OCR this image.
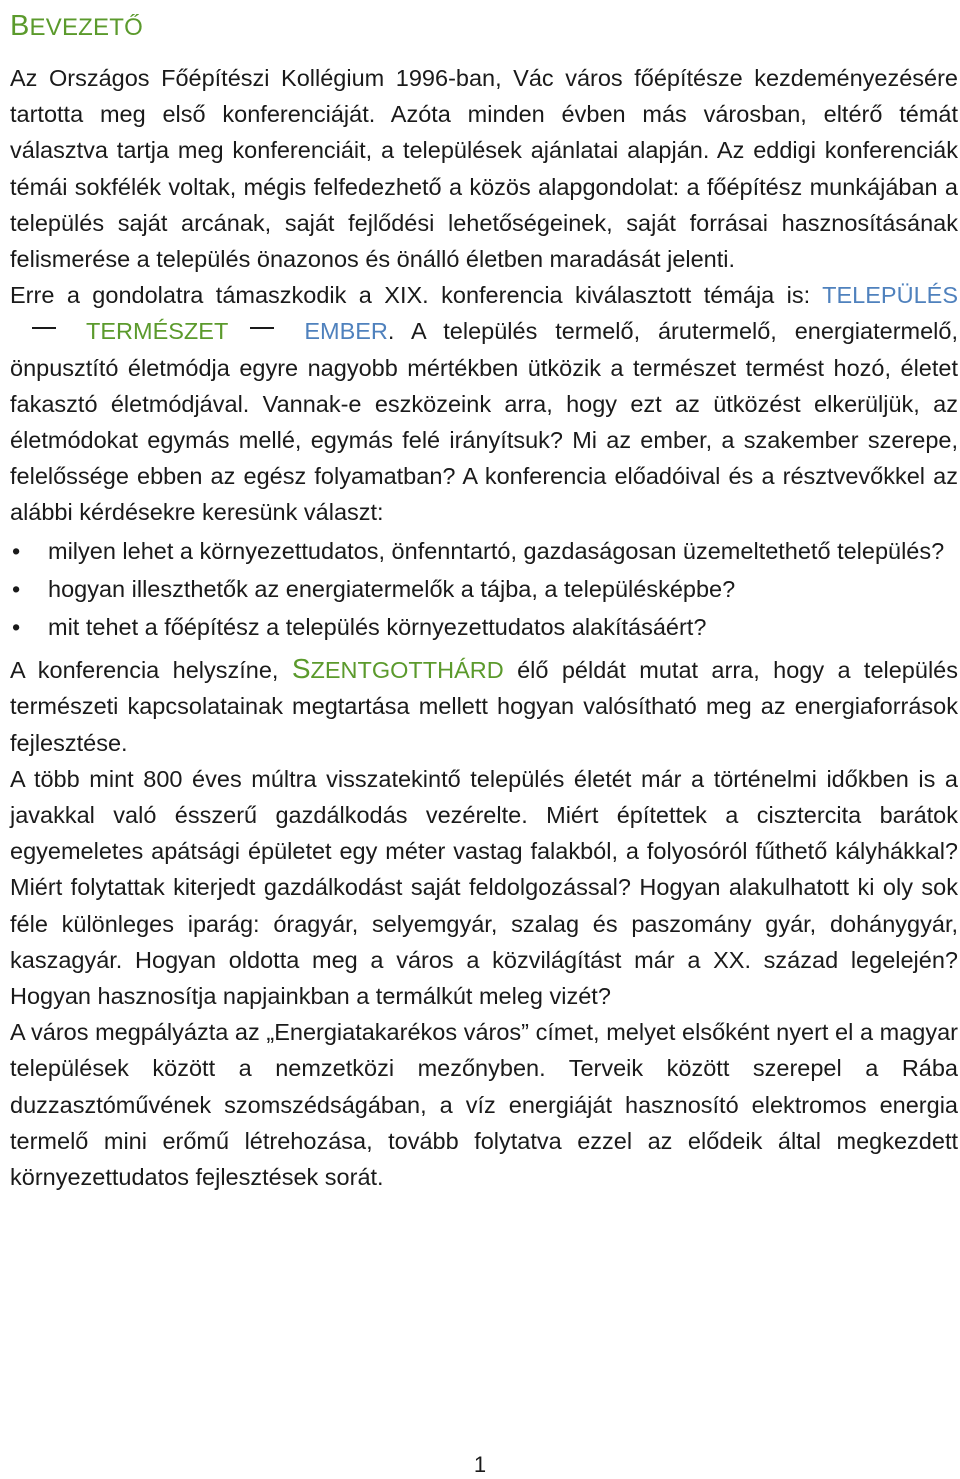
BEVEZETŐ

Az Országos Főépítészi Kollégium 1996-ban, Vác város főépítésze kezdeményezésére tartotta meg első konferenciáját. Azóta minden évben más városban, eltérő témát választva tartja meg konferenciáit, a települések ajánlatai alapján. Az eddigi konferenciák témái sokfélék voltak, mégis felfedezhető a közös alapgondolat: a főépítész munkájában a település saját arcának, saját fejlődési lehetőségeinek, saját forrásai hasznosításának felismerése a település önazonos és önálló életben maradását jelenti.

Erre a gondolatra támaszkodik a XIX. konferencia kiválasztott témája is: TELEPÜLÉSTERMÉSZET	EMBER. A település termelő, árutermelő, energiatermelő, önpusztító életmódja egyre nagyobb mértékben ütközik a természet termést hozó, életet fakasztó életmódjával. Vannak-e eszközeink arra, hogy ezt az ütközést elkerüljük, az életmódokat egymás mellé, egymás felé irányítsuk? Mi az ember, a szakember szerepe, felelőssége ebben az egész folyamatban? A konferencia előadóival és a résztvevőkkel az alábbi kérdésekre keresünk választ:

• milyen lehet a környezettudatos, önfenntartó, gazdaságosan üzemeltethető település?
• hogyan illeszthetők az energiatermelők a tájba, a településképbe?
• mit tehet a főépítész a település környezettudatos alakításáért?

A konferencia helyszíne, SZENTGOTTHÁRD élő példát mutat arra, hogy a település természeti kapcsolatainak megtartása mellett hogyan valósítható meg az energiaforrások fejlesztése.

A több mint 800 éves múltra visszatekintő település életét már a történelmi időkben is a javakkal való ésszerű gazdálkodás vezérelte. Miért építettek a cisztercita barátok egyemeletes apátsági épületet egy méter vastag falakból, a folyosóról fűthető kályhákkal? Miért folytattak kiterjedt gazdálkodást saját feldolgozással? Hogyan alakulhatott ki oly sok féle különleges iparág: óragyár, selyemgyár, szalag és paszomány gyár, dohánygyár, kaszagyár. Hogyan oldotta meg a város a közvilágítást már a XX. század legelején? Hogyan hasznosítja napjainkban a termálkút meleg vizét?

A város megpályázta az „Energiatakarékos város” címet, melyet elsőként nyert el a magyar települések között a nemzetközi mezőnyben. Terveik között szerepel a Rába duzzasztóművének szomszédságában, a víz energiáját hasznosító elektromos energia termelő mini erőmű létrehozása, tovább folytatva ezzel az elődeik által megkezdett környezettudatos fejlesztések sorát.

1
